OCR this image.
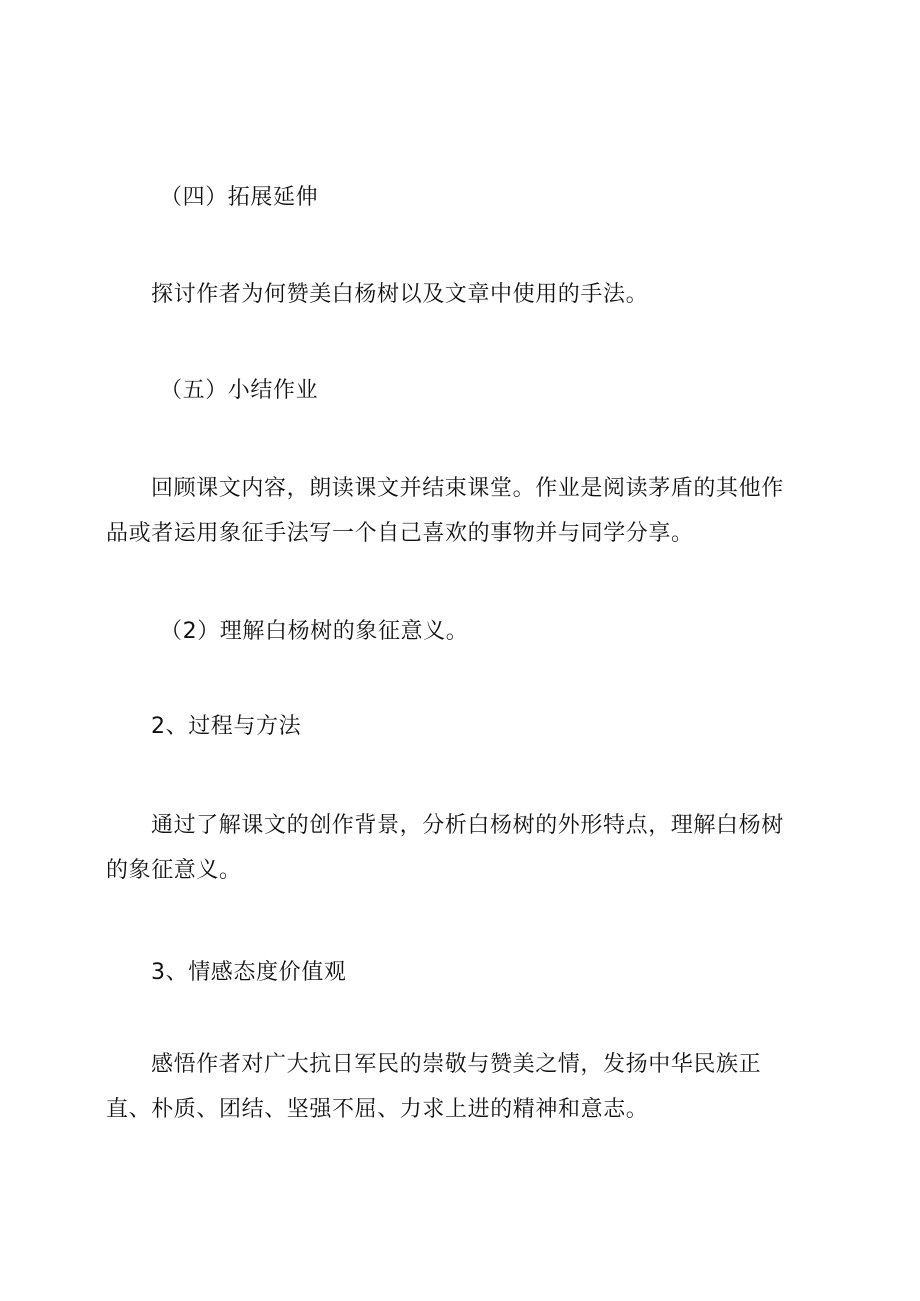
（四）拓展延伸
探讨作者为何赞美白杨树以及文章中使用的手法。
（五）小结作业
回顾课文内容，朗读课文并结束课堂。作业是阅读茅盾的其他作品或者运用象征手法写一个自己喜欢的事物并与同学分享。
（2）理解白杨树的象征意义。
2、过程与方法
通过了解课文的创作背景，分析白杨树的外形特点，理解白杨树的象征意义。
3、情感态度价值观
感悟作者对广大抗日军民的崇敬与赞美之情，发扬中华民族正直、朴质、团结、坚强不屈、力求上进的精神和意志。
